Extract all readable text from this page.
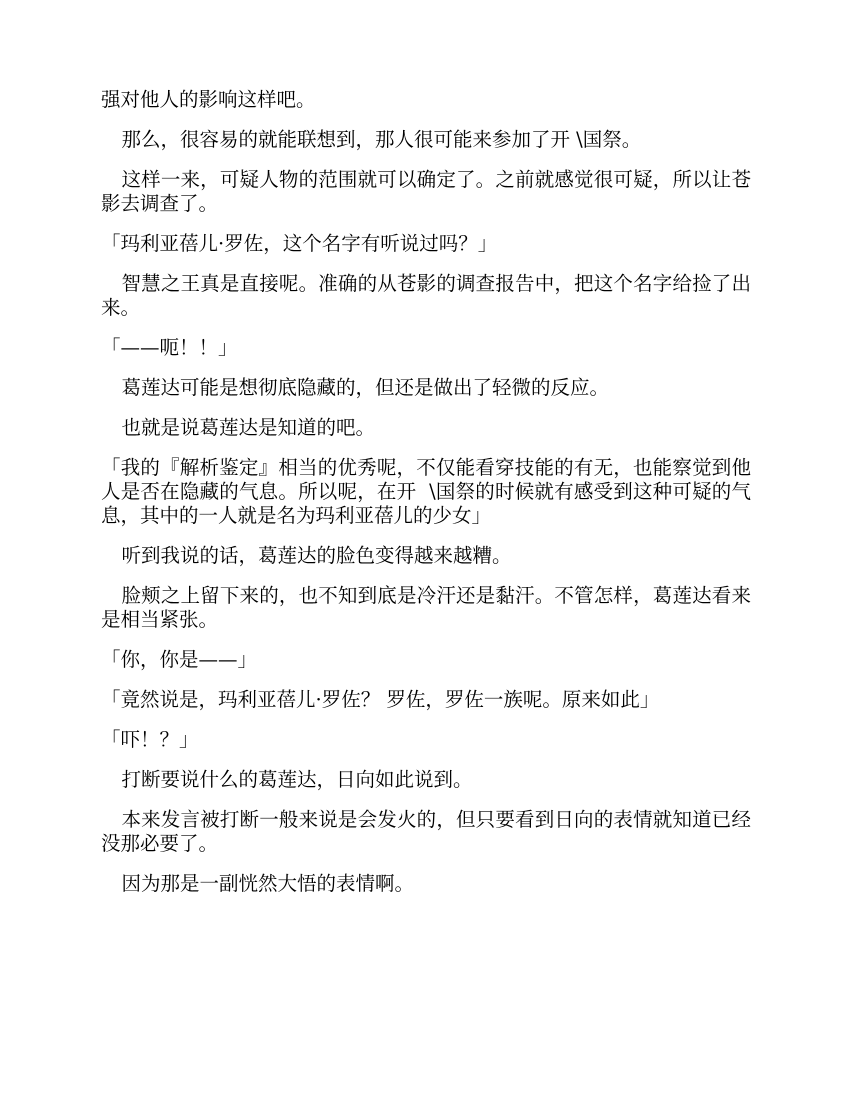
强对他人的影响这样吧。

那么，很容易的就能联想到，那人很可能来参加了开 \国祭。

这样一来，可疑人物的范围就可以确定了。之前就感觉很可疑，所以让苍影去调查了。

「玛利亚蓓儿·罗佐，这个名字有听说过吗？」

智慧之王真是直接呢。准确的从苍影的调查报告中，把这个名字给捡了出来。

「——呃！！」

葛莲达可能是想彻底隐藏的，但还是做出了轻微的反应。

也就是说葛莲达是知道的吧。

「我的『解析鉴定』相当的优秀呢，不仅能看穿技能的有无，也能察觉到他人是否在隐藏的气息。所以呢，在开  \国祭的时候就有感受到这种可疑的气息，其中的一人就是名为玛利亚蓓儿的少女」

听到我说的话，葛莲达的脸色变得越来越糟。

脸颊之上留下来的，也不知到底是冷汗还是黏汗。不管怎样，葛莲达看来是相当紧张。

「你，你是——」

「竟然说是，玛利亚蓓儿·罗佐？ 罗佐，罗佐一族呢。原来如此」

「吓！？」

打断要说什么的葛莲达，日向如此说到。

本来发言被打断一般来说是会发火的，但只要看到日向的表情就知道已经没那必要了。

因为那是一副恍然大悟的表情啊。
